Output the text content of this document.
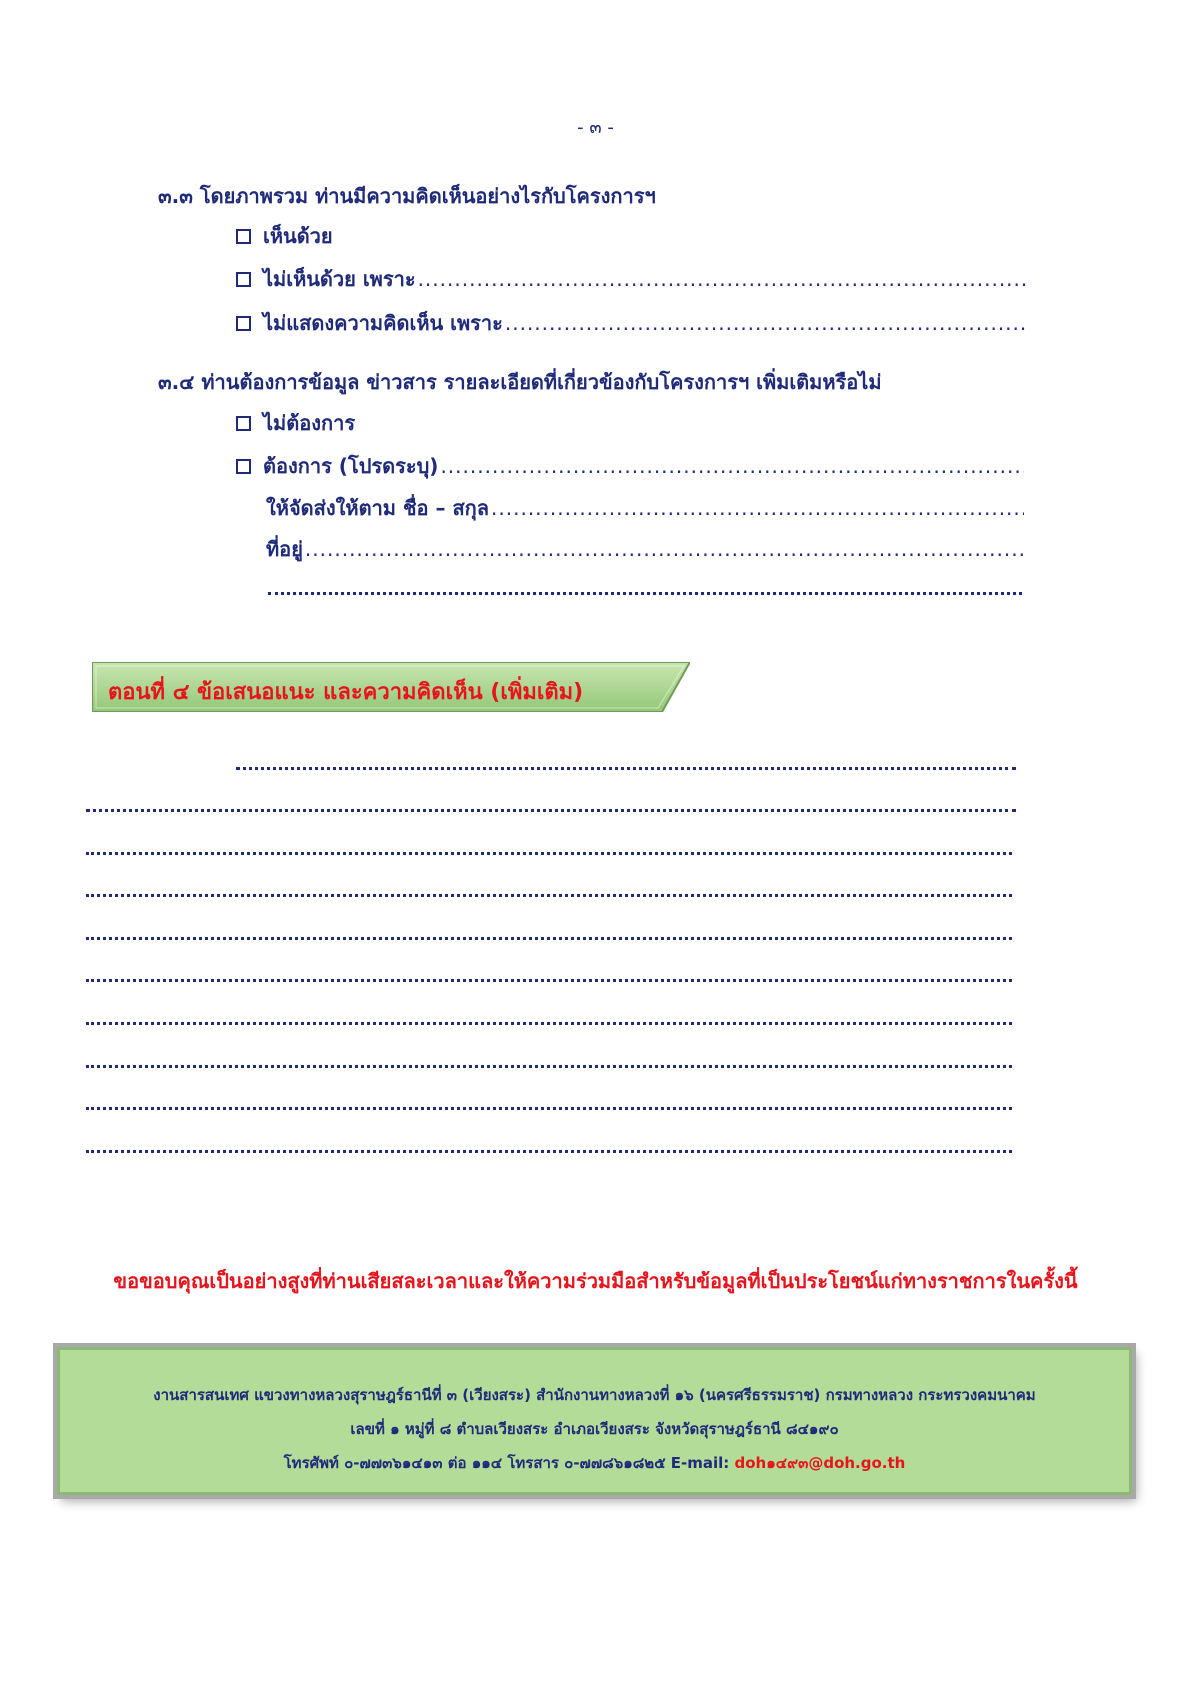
- ๓ -
๓.๓ โดยภาพรวม ท่านมีความคิดเห็นอย่างไรกับโครงการฯ
เห็นด้วย
ไม่เห็นด้วย เพราะ
.....
ไม่แสดงความคิดเห็น เพราะ
.....
๓.๔ ท่านต้องการข้อมูล ข่าวสาร รายละเอียดที่เกี่ยวข้องกับโครงการฯ เพิ่มเติมหรือไม่
ไม่ต้องการ
ต้องการ (โปรดระบุ)
.....
ให้จัดส่งให้ตาม ชื่อ – สกุล
.....
ที่อยู่
.....
ตอนที่ ๔ ข้อเสนอแนะ และความคิดเห็น (เพิ่มเติม)
ขอขอบคุณเป็นอย่างสูงที่ท่านเสียสละเวลาและให้ความร่วมมือสำหรับข้อมูลที่เป็นประโยชน์แก่ทางราชการในครั้งนี้
งานสารสนเทศ แขวงทางหลวงสุราษฎร์ธานีที่ ๓ (เวียงสระ) สำนักงานทางหลวงที่ ๑๖ (นครศรีธรรมราช) กรมทางหลวง กระทรวงคมนาคม
เลขที่ ๑ หมู่ที่ ๘ ตำบลเวียงสระ อำเภอเวียงสระ จังหวัดสุราษฎร์ธานี ๘๔๑๙๐
โทรศัพท์ ๐-๗๗๓๖๑๔๑๓ ต่อ ๑๑๔ โทรสาร ๐-๗๗๘๖๑๘๒๕ E-mail: doh๑๔๙๓@doh.go.th
